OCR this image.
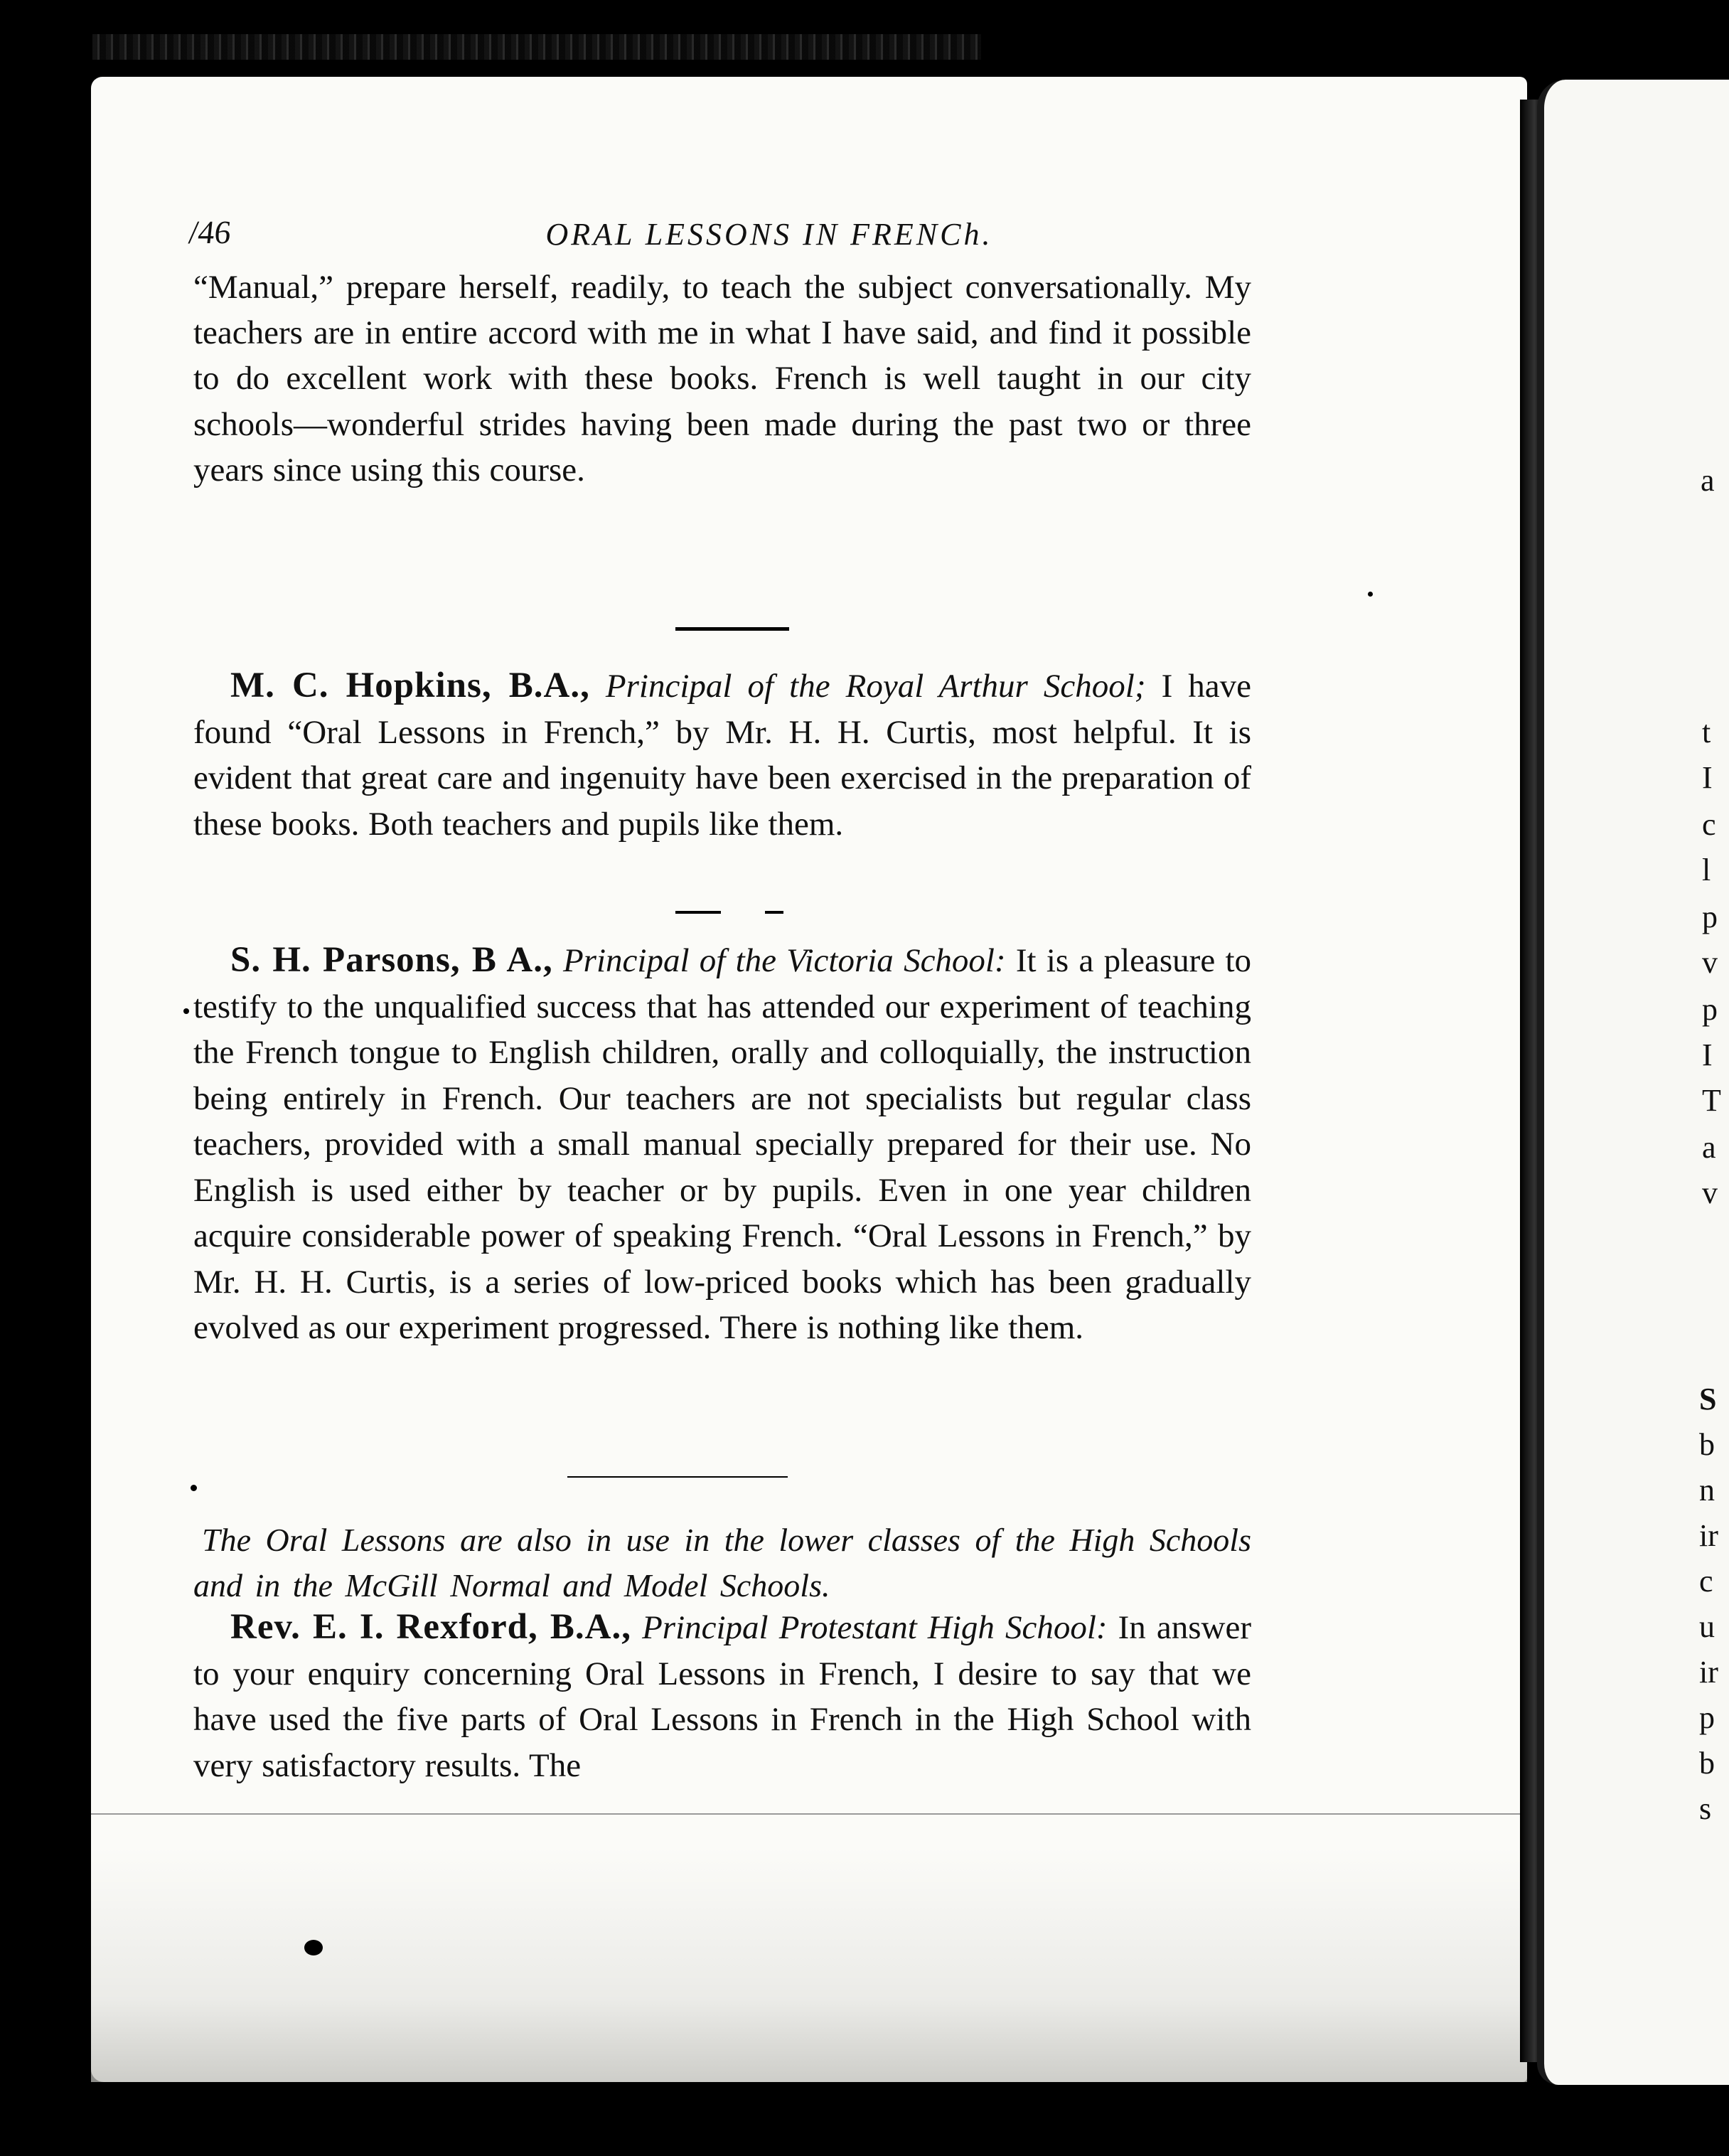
/46	ORAL LESSONS IN FRENCh.

“Manual,” prepare herself, readily, to teach the subject conversationally. My teachers are in entire accord with me in what I have said, and find it possible to do excellent work with these books. French is well taught in our city schools—wonderful strides having been made during the past two or three years since using this course.

M. C. Hopkins, B.A., Principal of the Royal Arthur School; I have found “Oral Lessons in French,” by Mr. H. H. Curtis, most helpful. It is evident that great care and ingenuity have been exercised in the preparation of these books. Both teachers and pupils like them.

S. H. Parsons, B A., Principal of the Victoria School: It is a pleasure to testify to the unqualified success that has attended our experiment of teaching the French tongue to English children, orally and colloquially, the instruction being entirely in French. Our teachers are not specialists but regular class teachers, provided with a small manual specially prepared for their use. No English is used either by teacher or by pupils. Even in one year children acquire considerable power of speaking French. “Oral Lessons in French,” by Mr. H. H. Curtis, is a series of low-priced books which has been gradually evolved as our experiment progressed. There is nothing like them.

The Oral Lessons are also in use in the lower classes of the High Schools and in the McGill Normal and Model Schools.

Rev. E. I. Rexford, B.A., Principal Protestant High School: In answer to your enquiry concerning Oral Lessons in French, I desire to say that we have used the five parts of Oral Lessons in French in the High School with very satisfactory results. The

a
t
I
c
l
p
v
p
I
T
a
v
S
b
n
ir
c
u
ir
p
b
s
